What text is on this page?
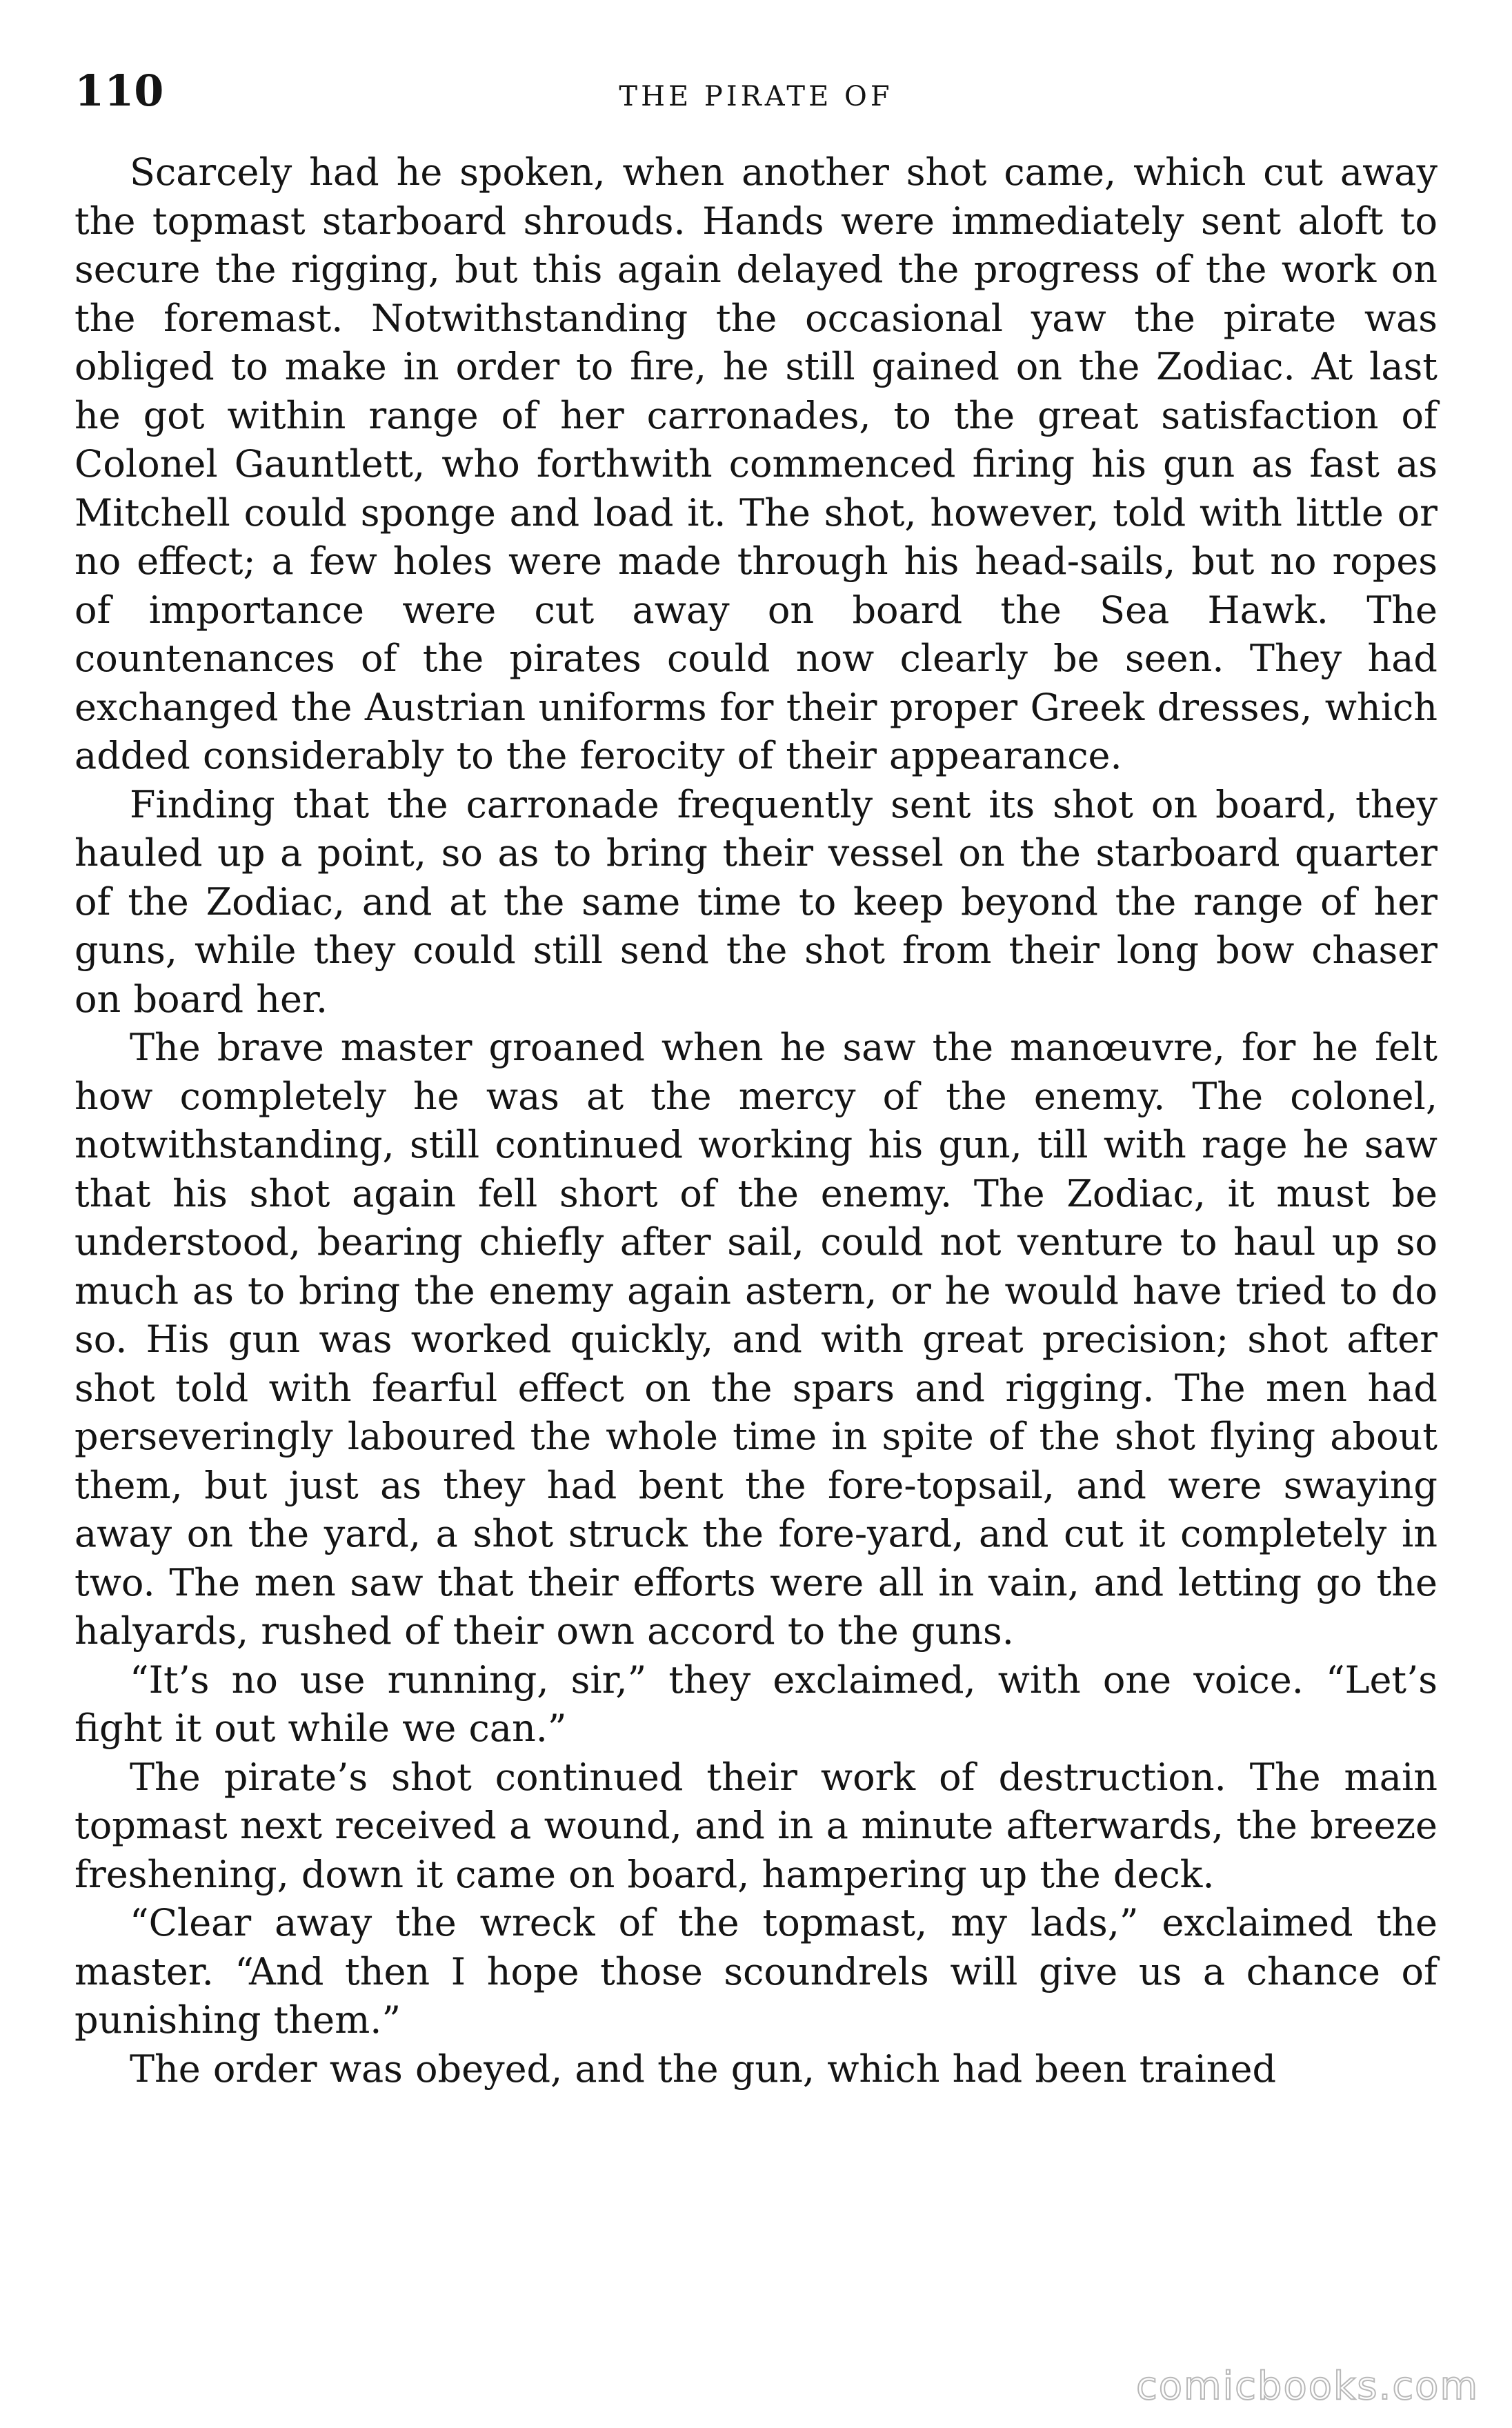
110	THE PIRATE OF

Scarcely had he spoken, when another shot came, which cut away the topmast starboard shrouds. Hands were immediately sent aloft to secure the rigging, but this again delayed the progress of the work on the foremast. Notwithstanding the occasional yaw the pirate was obliged to make in order to fire, he still gained on the Zodiac. At last he got within range of her carronades, to the great satisfaction of Colonel Gauntlett, who forthwith commenced firing his gun as fast as Mitchell could sponge and load it. The shot, however, told with little or no effect; a few holes were made through his head-sails, but no ropes of importance were cut away on board the Sea Hawk. The countenances of the pirates could now clearly be seen. They had exchanged the Austrian uniforms for their proper Greek dresses, which added considerably to the ferocity of their appearance.

Finding that the carronade frequently sent its shot on board, they hauled up a point, so as to bring their vessel on the starboard quarter of the Zodiac, and at the same time to keep beyond the range of her guns, while they could still send the shot from their long bow chaser on board her.

The brave master groaned when he saw the manœuvre, for he felt how completely he was at the mercy of the enemy. The colonel, notwithstanding, still continued working his gun, till with rage he saw that his shot again fell short of the enemy. The Zodiac, it must be understood, bearing chiefly after sail, could not venture to haul up so much as to bring the enemy again astern, or he would have tried to do so. His gun was worked quickly, and with great precision; shot after shot told with fearful effect on the spars and rigging. The men had perseveringly laboured the whole time in spite of the shot flying about them, but just as they had bent the fore-topsail, and were swaying away on the yard, a shot struck the fore-yard, and cut it completely in two. The men saw that their efforts were all in vain, and letting go the halyards, rushed of their own accord to the guns.

“It’s no use running, sir,” they exclaimed, with one voice. “Let’s fight it out while we can.”

The pirate’s shot continued their work of destruction. The main topmast next received a wound, and in a minute afterwards, the breeze freshening, down it came on board, hampering up the deck.

“Clear away the wreck of the topmast, my lads,” exclaimed the master. “And then I hope those scoundrels will give us a chance of punishing them.”

The order was obeyed, and the gun, which had been trained

comicbooks.com
